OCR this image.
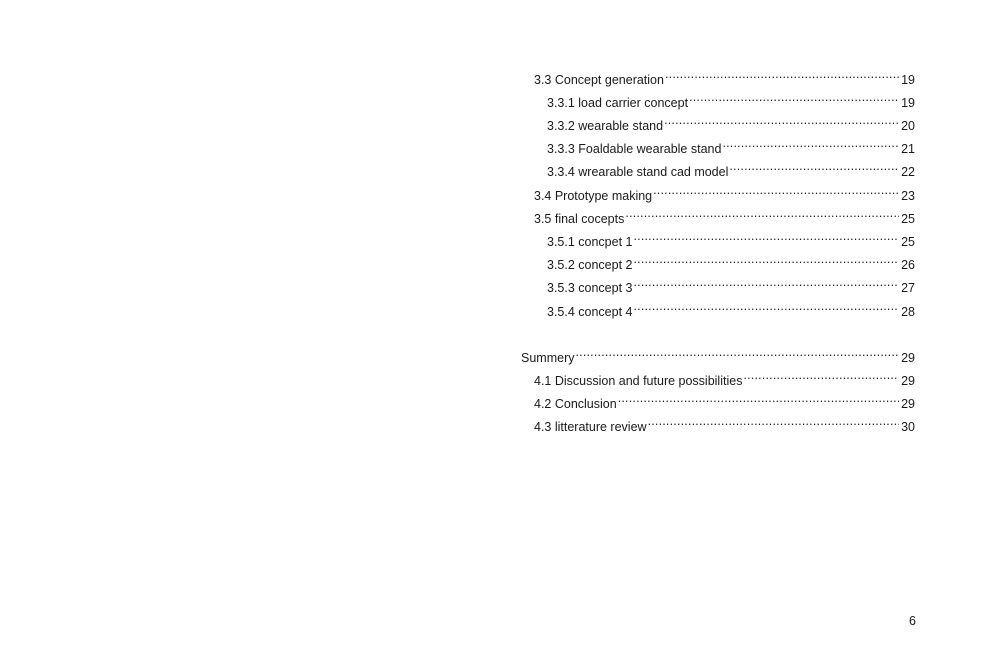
3.3 Concept generation .....	19
3.3.1 load carrier concept .....	19
3.3.2 wearable stand .....	20
3.3.3 Foaldable wearable stand .....	21
3.3.4 wrearable stand cad model .....	22
3.4 Prototype making .....	23
3.5 final cocepts .....	25
3.5.1 concpet 1 .....	25
3.5.2 concept 2 .....	26
3.5.3 concept 3 .....	27
3.5.4 concept 4 .....	28
Summery .....	29
4.1 Discussion and future possibilities .....	29
4.2 Conclusion .....	29
4.3 litterature review .....	30
6
